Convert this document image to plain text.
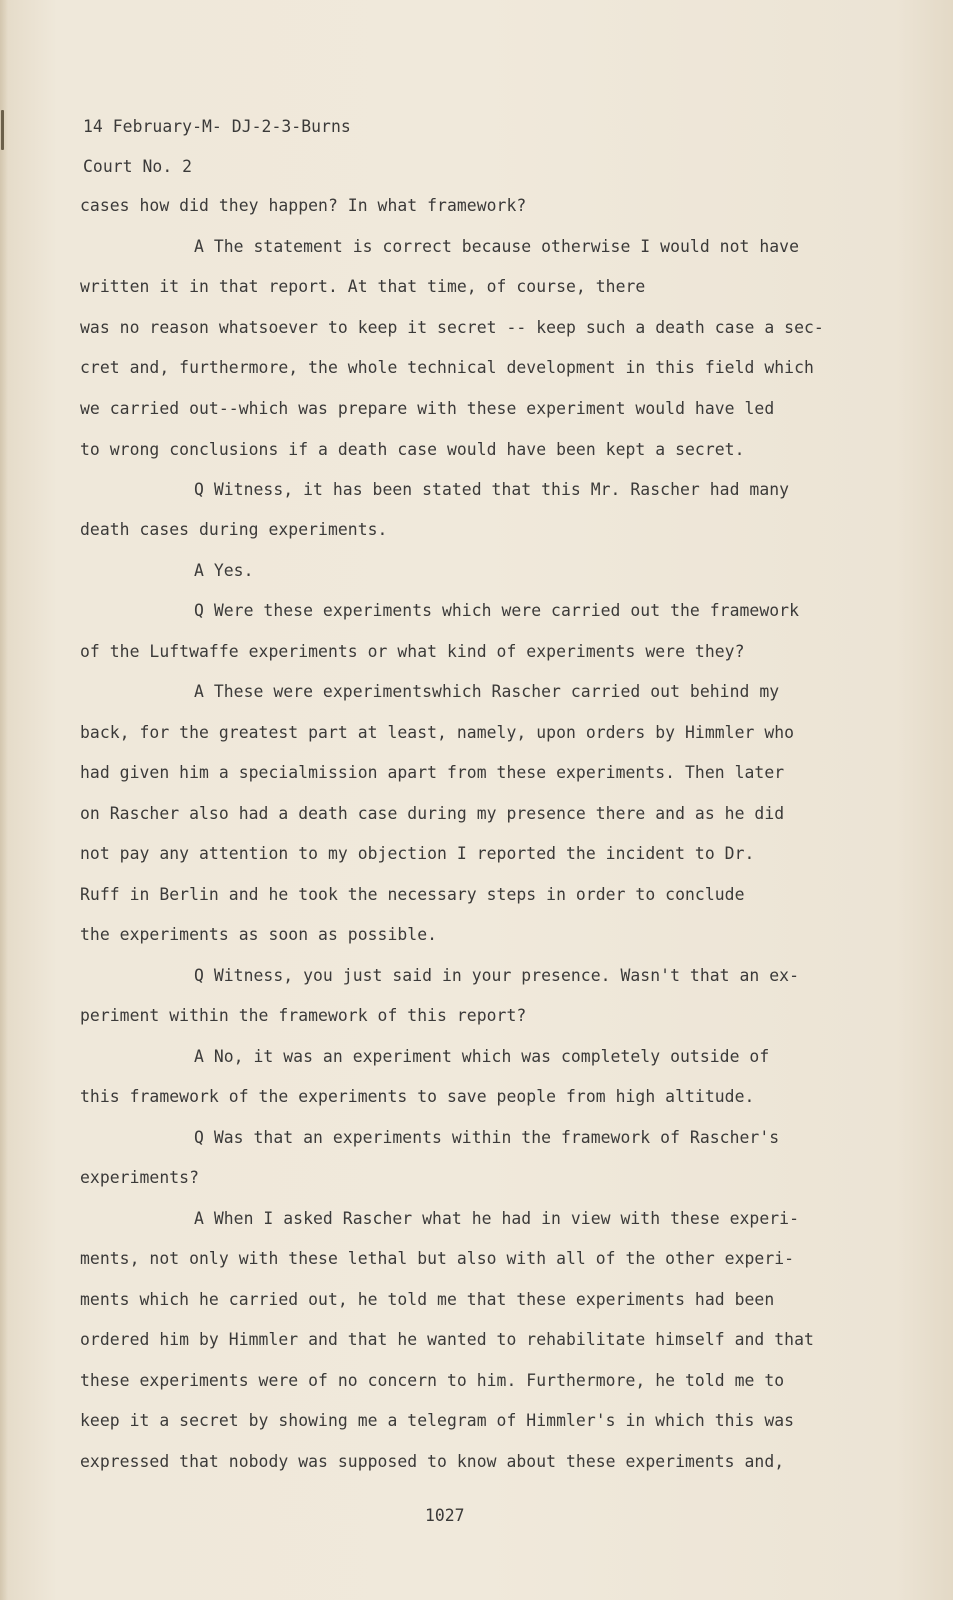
14 February-M- DJ-2-3-Burns
Court No. 2
cases how did they happen? In what framework?
A The statement is correct because otherwise I would not have
written it in that report. At that time, of course, there
was no reason whatsoever to keep it secret -- keep such a death case a sec-
cret and, furthermore, the whole technical development in this field which
we carried out--which was prepare with these experiment would have led
to wrong conclusions if a death case would have been kept a secret.
Q Witness, it has been stated that this Mr. Rascher had many
death cases during experiments.
A Yes.
Q Were these experiments which were carried out the framework
of the Luftwaffe experiments or what kind of experiments were they?
A These were experimentswhich Rascher carried out behind my
back, for the greatest part at least, namely, upon orders by Himmler who
had given him a specialmission apart from these experiments. Then later
on Rascher also had a death case during my presence there and as he did
not pay any attention to my objection I reported the incident to Dr.
Ruff in Berlin and he took the necessary steps in order to conclude
the experiments as soon as possible.
Q Witness, you just said in your presence. Wasn't that an ex-
periment within the framework of this report?
A No, it was an experiment which was completely outside of
this framework of the experiments to save people from high altitude.
Q Was that an experiments within the framework of Rascher's
experiments?
A When I asked Rascher what he had in view with these experi-
ments, not only with these lethal but also with all of the other experi-
ments which he carried out, he told me that these experiments had been
ordered him by Himmler and that he wanted to rehabilitate himself and that
these experiments were of no concern to him. Furthermore, he told me to
keep it a secret by showing me a telegram of Himmler's in which this was
expressed that nobody was supposed to know about these experiments and,
1027
